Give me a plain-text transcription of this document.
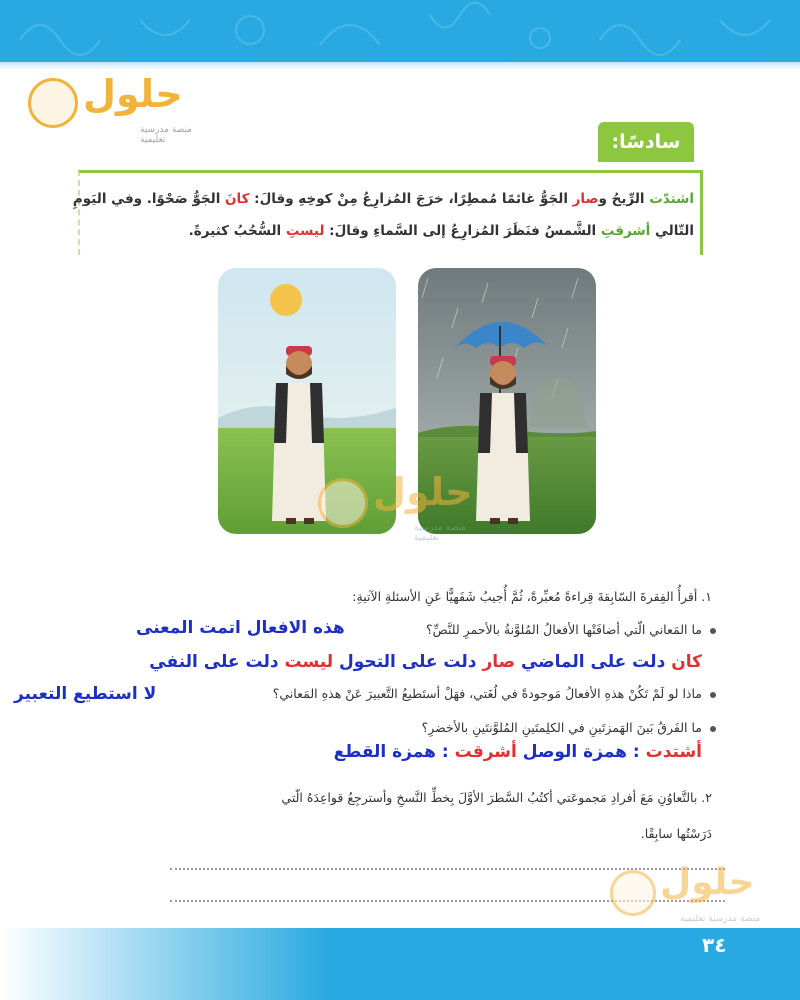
حلول
منصة مدرسية تعليمية	سادسًا:
اشتدّت الرِّيحُ وصار الجَوُّ غائمًا مُمطِرًا، خرَجَ المُزارِعُ مِنْ كوخِهِ وقالَ: كانَ الجَوُّ صَحْوًا. وفي اليَومِ
التّالي أشرقتِ الشَّمسُ فنَظَرَ المُزارِعُ إلى السَّماءِ وقالَ: ليستِ السُّحُبُ كثيرةً.
حلول
منصة مدرسية تعليمية
١. أقرأُ الفِقرةَ السّابِقةَ قِراءةً مُعبِّرةً، ثُمَّ أُجيبُ شَفَهيًّا عَنِ الأسئلةِ الآتيةِ:
ما المَعاني الّتي أضافَتْها الأفعالُ المُلوَّنةُ بالأحمرِ للنَّصِّ؟
هذه الافعال اتمت المعنى
كان دلت على الماضي صار دلت على التحول ليست دلت على النفي
ماذا لو لَمْ تَكُنْ هذهِ الأفعالُ مَوجودةً في لُغَتي، فهَلْ أستَطيعُ التَّعبيرَ عَنْ هذهِ المَعاني؟
لا استطيع التعبير
ما الفَرقُ بَينَ الهَمزتَينِ في الكلِمتَينِ المُلوَّنتَينِ بالأخضرِ؟
أشتدت : همزة الوصل أشرقت : همزة القطع
٢. بالتَّعاوُنِ مَعَ أفرادِ مَجموعَتي أكتُبُ السَّطرَ الأوَّلَ بِخطِّ النَّسخِ وأسترجِعُ قواعِدَهُ الّتي
دَرَسْتُها سابِقًا.
حلول
منصة مدرسية تعليمية
٣٤
